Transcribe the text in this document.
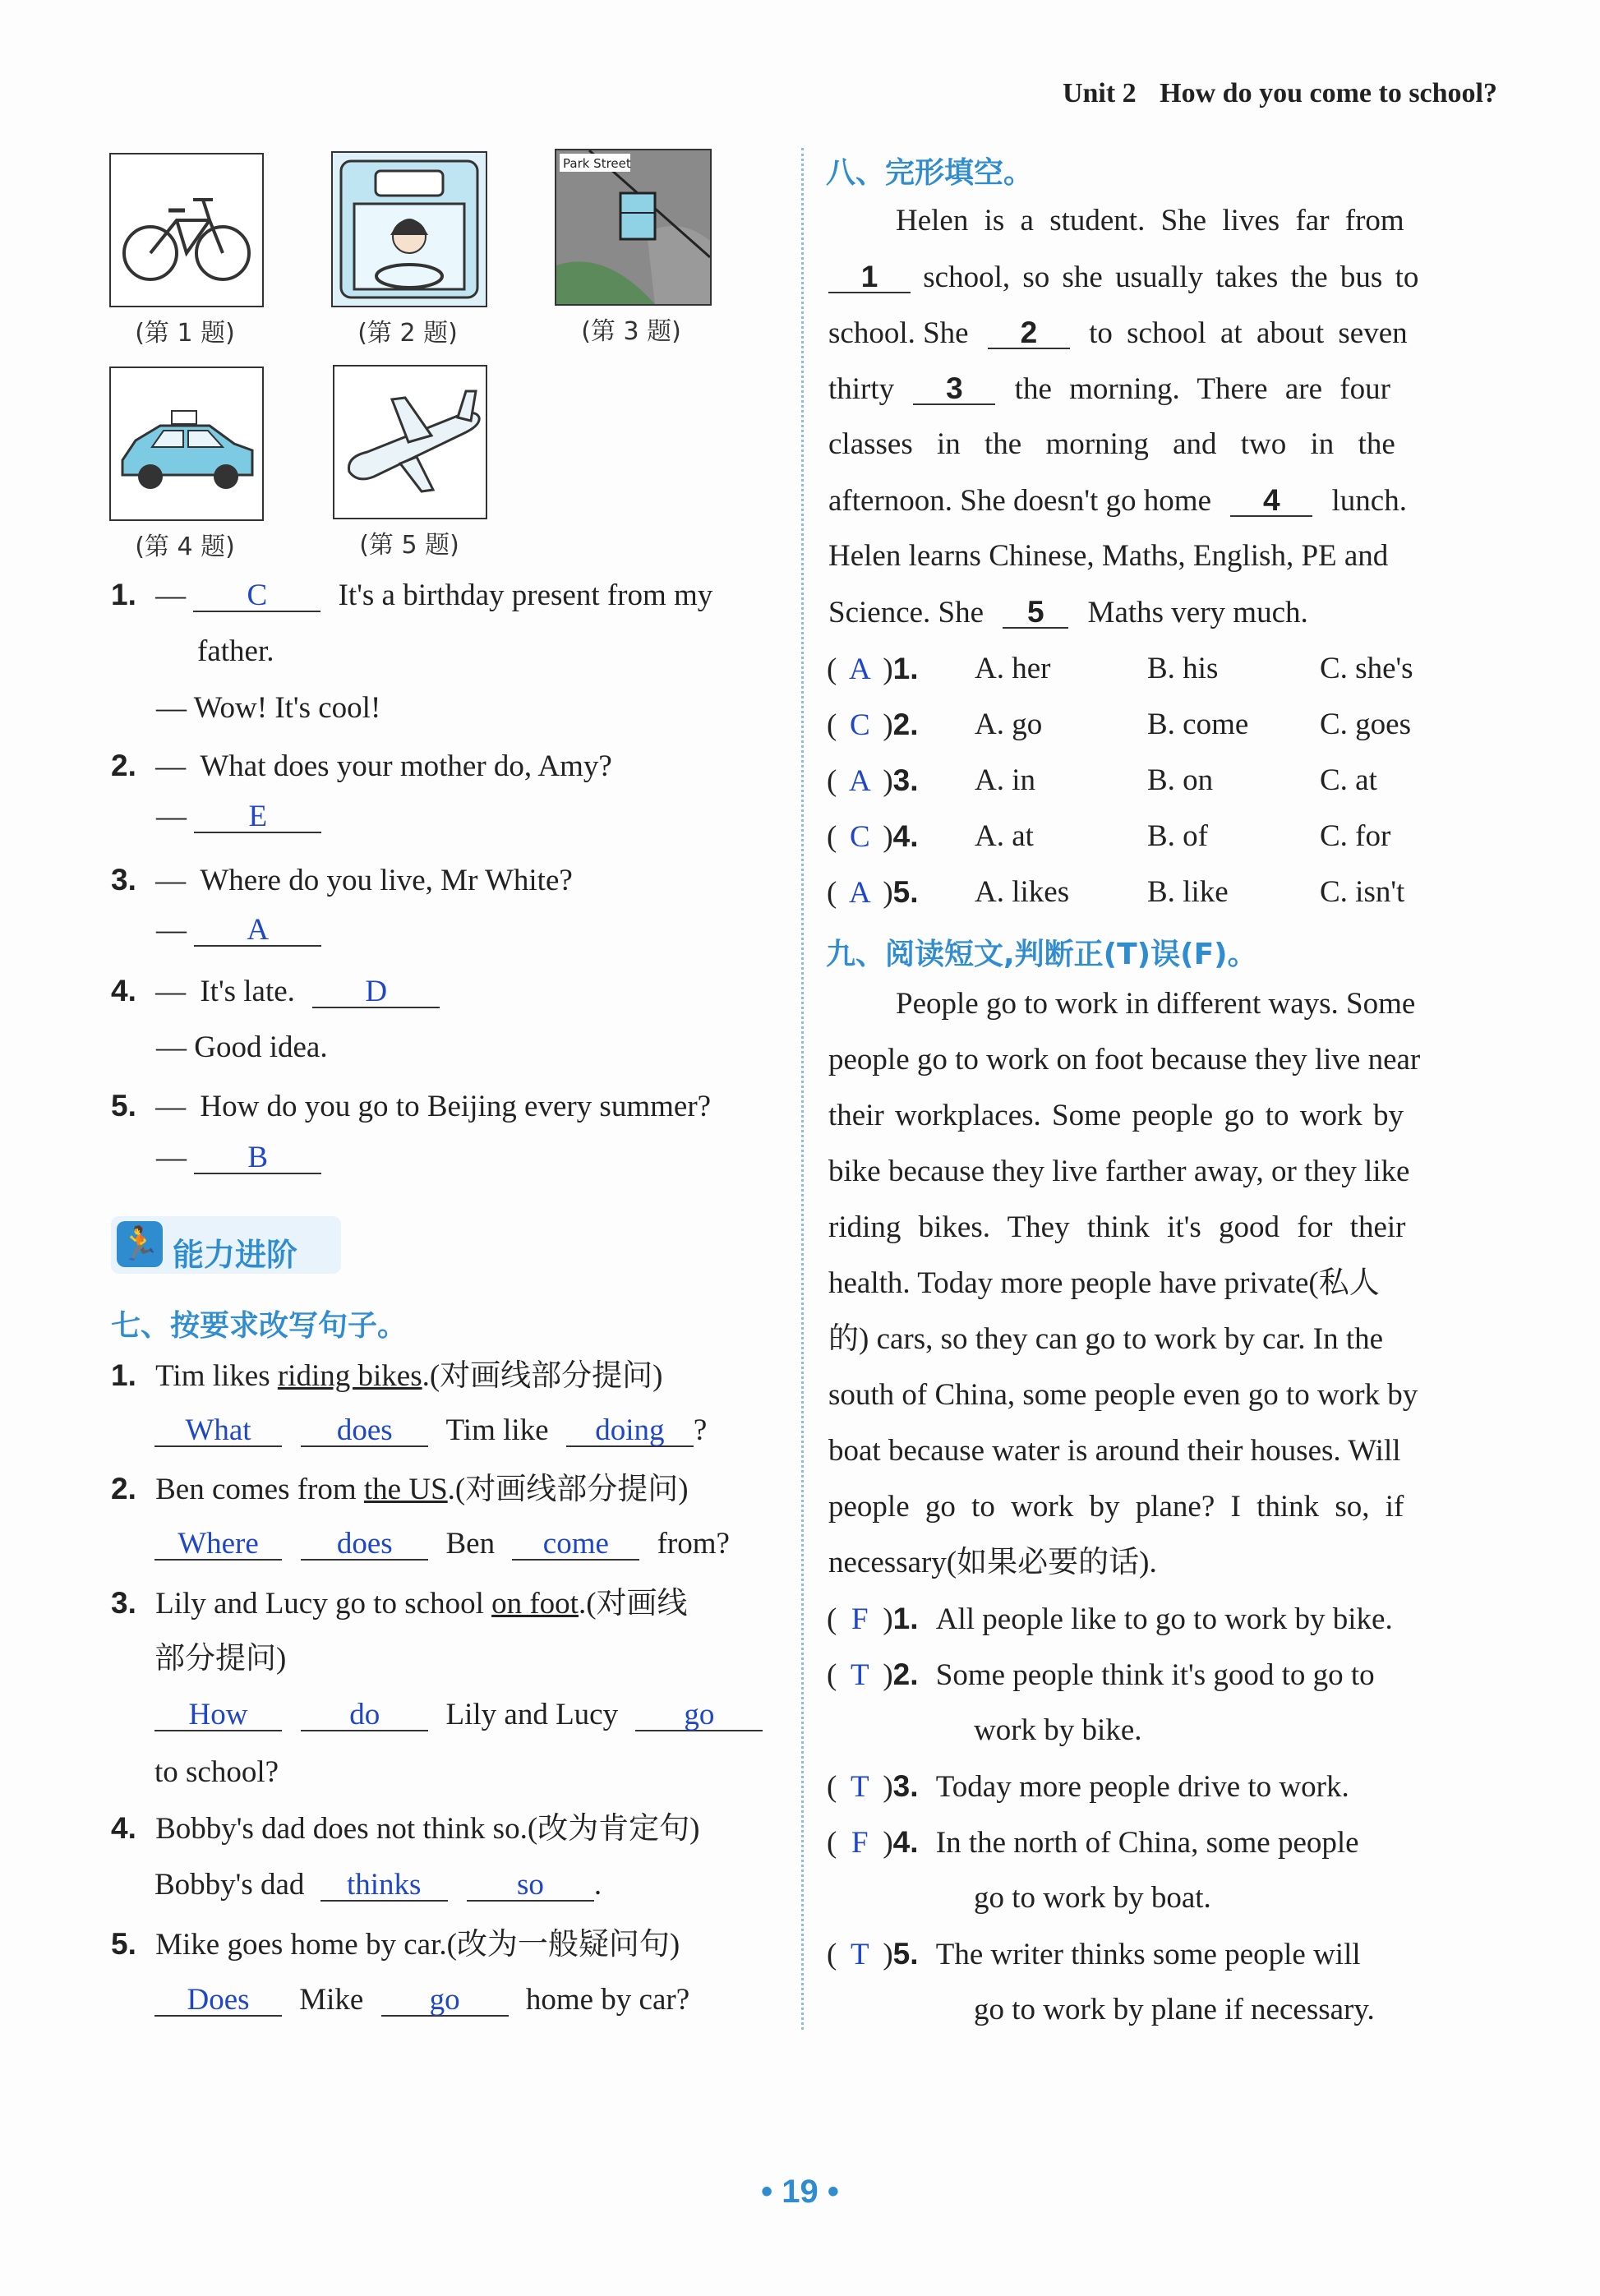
Unit 2 How do you come to school?
(第 1 题)	(第 2 题)
Park Street
(第 3 题)
(第 4 题)	(第 5 题)
1. — C It's a birthday present from my
father.
— Wow! It's cool!
2. — What does your mother do, Amy?
— E
3. — Where do you live, Mr White?
— A
4. — It's late. D
— Good idea.
5. — How do you go to Beijing every summer?
— B
🏃 能力进阶
七、按要求改写句子。
1. Tim likes riding bikes.(对画线部分提问)
What	does Tim like doing ?
2. Ben comes from the US.(对画线部分提问)
Where	does Ben come from?
3. Lily and Lucy go to school on foot.(对画线
部分提问)
How	do Lily and Lucy go
to school?
4. Bobby's dad does not think so.(改为肯定句)
Bobby's dad thinks	so .
5. Mike goes home by car.(改为一般疑问句)
Does Mike go home by car?
八、完形填空。
Helen is a student. She lives far from
1 school, so she usually takes the bus to
school. She 2 to school at about seven
thirty 3 the morning. There are four
classes in the morning and two in the
afternoon. She doesn't go home 4 lunch.
Helen learns Chinese, Maths, English, PE and
Science. She 5 Maths very much.
( A )1. A. her	B. his	C. she's
( C )2. A. go	B. come C. goes
( A )3. A. in	B. on	C. at
( C )4. A. at	B. of	C. for
( A )5. A. likes	B. like	C. isn't
九、阅读短文,判断正(T)误(F)。
People go to work in different ways. Some
people go to work on foot because they live near
their workplaces. Some people go to work by
bike because they live farther away, or they like
riding bikes. They think it's good for their
health. Today more people have private(私人
的) cars, so they can go to work by car. In the
south of China, some people even go to work by
boat because water is around their houses. Will
people go to work by plane? I think so, if
necessary(如果必要的话).
( F )1. All people like to go to work by bike.
( T )2. Some people think it's good to go to
work by bike.
( T )3. Today more people drive to work.
( F )4. In the north of China, some people
go to work by boat.
( T )5. The writer thinks some people will
go to work by plane if necessary.
• 19 •
